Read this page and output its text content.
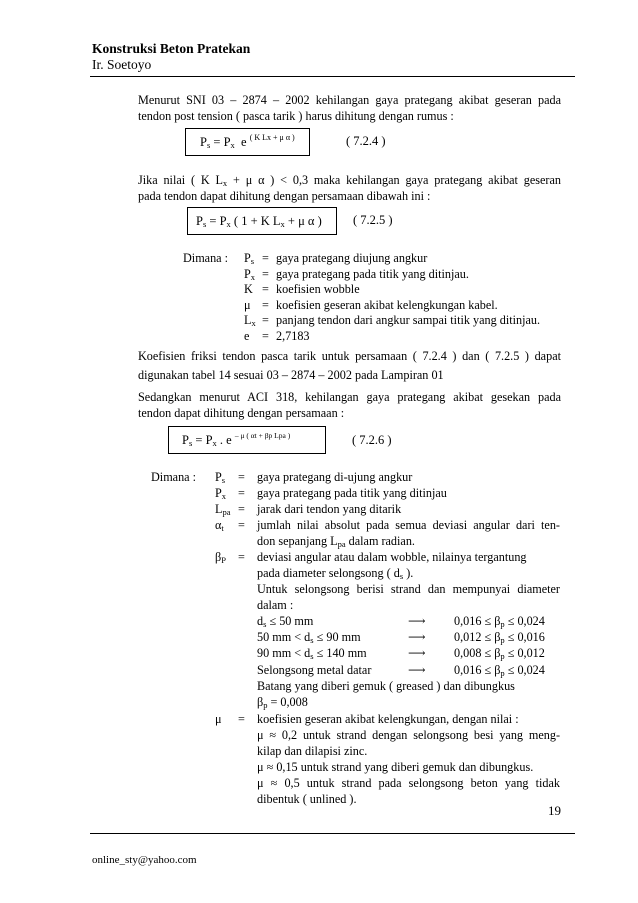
Konstruksi Beton Pratekan
Ir. Soetoyo
Menurut SNI 03 – 2874 – 2002 kehilangan gaya prategang akibat geseran pada
tendon post tension ( pasca tarik ) harus dihitung dengan rumus :
$P_s = P_x$ e $^{( K Lx + \mu \alpha )}$	( 7.2.4 )
Jika nilai ( K $L_x + \mu$ α ) < 0,3 maka kehilangan gaya prategang akibat geseran
pada tendon dapat dihitung dengan persamaan dibawah ini :
$P_s = P_x$ ( 1 + K $L_x + \mu$ α )	( 7.2.5 )
Dimana : $P_s$ = gaya prategang diujung angkur
$P_x$ = gaya prategang pada titik yang ditinjau.
K = koefisien wobble
μ = koefisien geseran akibat kelengkungan kabel.
$L_x$ = panjang tendon dari angkur sampai titik yang ditinjau.
e = 2,7183
Koefisien friksi tendon pasca tarik untuk persamaan ( 7.2.4 ) dan ( 7.2.5 ) dapat
digunakan tabel 14 sesuai 03 – 2874 – 2002 pada Lampiran 01
Sedangkan menurut ACI 318, kehilangan gaya prategang akibat gesekan pada
tendon dapat dihitung dengan persamaan :
$P_s = P_x$ . e $^{- \mu ( \alpha t + \beta p Lpa )}$	( 7.2.6 )
Dimana : $P_s$ = gaya prategang di-ujung angkur
$P_x$ = gaya prategang pada titik yang ditinjau
$L_{pa}$ = jarak dari tendon yang ditarik
$\alpha_t$ = jumlah nilai absolut pada semua deviasi angular dari ten-
don sepanjang $L_{pa}$ dalam radian.
$\beta_P$ = deviasi angular atau dalam wobble, nilainya tergantung
pada diameter selongsong ( $d_s$ ).
Untuk selongsong berisi strand dan mempunyai diameter
dalam :
$d_s \le 50$ mm	⟶ $0,016 \le \beta_p \le 0,024$
50 mm < $d_s \le 90$ mm	⟶ $0,012 \le \beta_p \le 0,016$
90 mm < $d_s \le 140$ mm	⟶ $0,008 \le \beta_p \le 0,012$
Selongsong metal datar	⟶ $0,016 \le \beta_p \le 0,024$
Batang yang diberi gemuk ( greased ) dan dibungkus
$\beta_p = 0,008$
μ = koefisien geseran akibat kelengkungan, dengan nilai :
μ ≈ 0,2 untuk strand dengan selongsong besi yang meng-
kilap dan dilapisi zinc.
μ ≈ 0,15 untuk strand yang diberi gemuk dan dibungkus.
μ ≈ 0,5 untuk strand pada selongsong beton yang tidak
dibentuk ( unlined ).
19
online_sty@yahoo.com
